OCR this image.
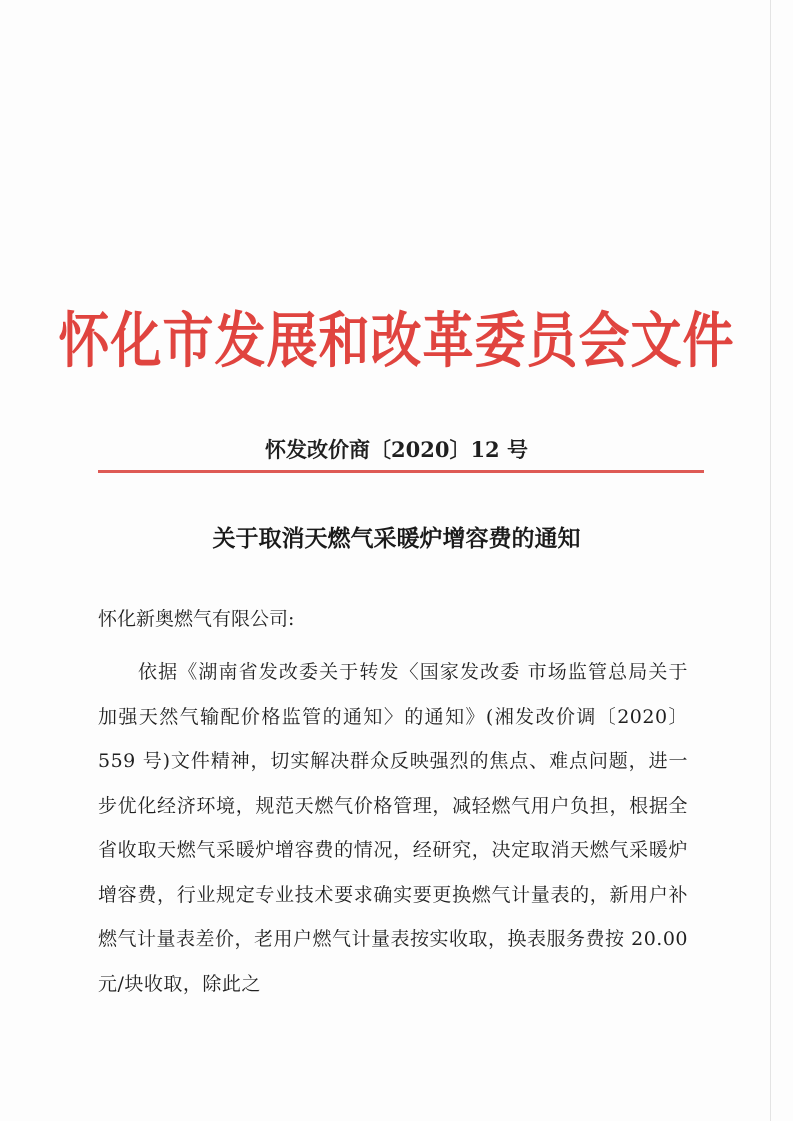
怀化市发展和改革委员会文件
怀发改价商〔2020〕12 号
关于取消天燃气采暖炉增容费的通知
怀化新奥燃气有限公司:

依据《湖南省发改委关于转发〈国家发改委 市场监管总局关于加强天然气输配价格监管的通知〉的通知》(湘发改价调〔2020〕559 号)文件精神，切实解决群众反映强烈的焦点、难点问题，进一步优化经济环境，规范天燃气价格管理，减轻燃气用户负担，根据全省收取天燃气采暖炉增容费的情况，经研究，决定取消天燃气采暖炉增容费，行业规定专业技术要求确实要更换燃气计量表的，新用户补燃气计量表差价，老用户燃气计量表按实收取，换表服务费按 20.00 元/块收取，除此之
